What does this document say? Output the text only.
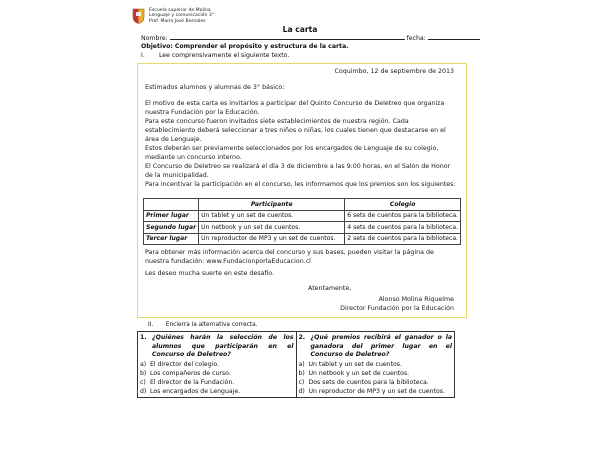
Escuela superior de Molina
Lenguaje y comunicación 3°
Prof. María José Bernales
La carta
Nombre:	fecha:
Objetivo: Comprender el propósito y estructura de la carta.
I. Lee comprensivamente el siguiente texto.
Coquimbo, 12 de septiembre de 2013
Estimados alumnos y alumnas de 3° básico:
El motivo de esta carta es invitarlos a participar del Quinto Concurso de Deletreo que organiza
nuestra Fundación por la Educación.
Para este concurso fueron invitados siete establecimientos de nuestra región. Cada
establecimiento deberá seleccionar a tres niños o niñas, los cuales tienen que destacarse en el
área de Lenguaje.
Estos deberán ser previamente seleccionados por los encargados de Lenguaje de su colegio,
mediante un concurso interno.
El Concurso de Deletreo se realizará el día 3 de diciembre a las 9:00 horas, en el Salón de Honor
de la municipalidad.
Para incentivar la participación en el concurso, les informamos que los premios son los siguientes:
	Participante	Colegio
Primer lugar	Un tablet y un set de cuentos.	6 sets de cuentos para la biblioteca.
Segundo lugar	Un netbook y un set de cuentos.	4 sets de cuentos para la biblioteca.
Tercer lugar	Un reproductor de MP3 y un set de cuentos.	2 sets de cuentos para la biblioteca.
Para obtener más información acerca del concurso y sus bases, pueden visitar la página de
nuestra fundación: www.FundacionporlaEducacion.cl
Les deseo mucha suerte en este desafío.
Atentamente,
Alonso Molina Riquelme
Director Fundación por la Educación
II. Encierra la alternativa correcta.
1. ¿Quiénes harán la selección de los alumnos que participarán en el Concurso de Deletreo?
a) El director del colegio.
b) Los compañeros de curso.
c) El director de la Fundación.
d) Los encargados de Lenguaje.

2. ¿Qué premios recibirá el ganador o la ganadora del primer lugar en el Concurso de Deletreo?
a) Un tablet y un set de cuentos.
b) Un netbook y un set de cuentos.
c) Dos sets de cuentos para la biblioteca.
d) Un reproductor de MP3 y un set de cuentos.
